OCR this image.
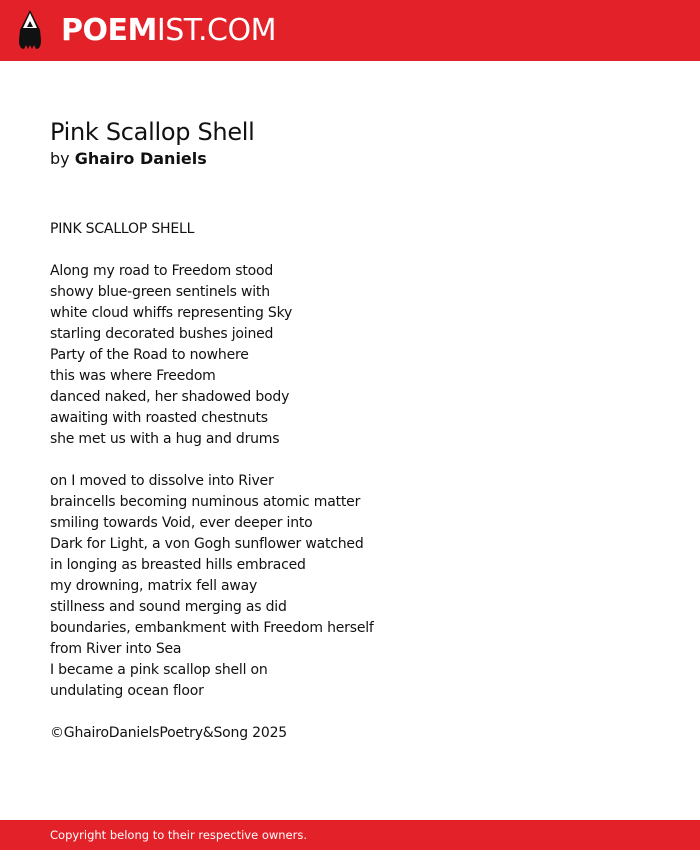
POEMIST.COM
Pink Scallop Shell
by Ghairo Daniels
PINK SCALLOP SHELL
Along my road to Freedom stood
showy blue-green sentinels with
white cloud whiffs representing Sky
starling decorated bushes joined
Party of the Road to nowhere
this was where Freedom
danced naked, her shadowed body
awaiting with roasted chestnuts
she met us with a hug and drums
on I moved to dissolve into River
braincells becoming numinous atomic matter
smiling towards Void, ever deeper into
Dark for Light, a von Gogh sunflower watched
in longing as breasted hills embraced
my drowning, matrix fell away
stillness and sound merging as did
boundaries, embankment with Freedom herself
from River into Sea
I became a pink scallop shell on
undulating ocean floor
©GhairoDanielsPoetry&Song 2025
Copyright belong to their respective owners.
